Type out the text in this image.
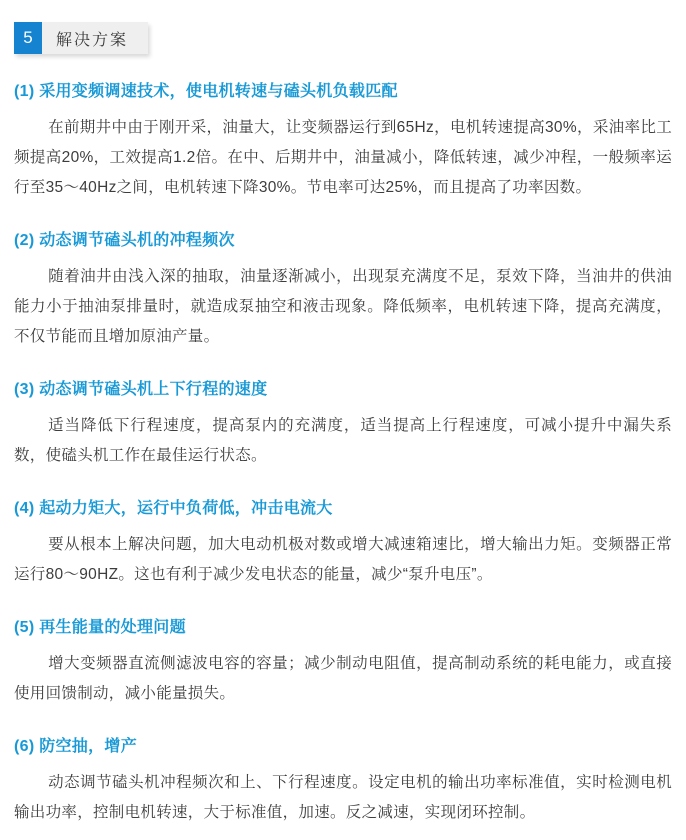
5	解决方案
(1) 采用变频调速技术，使电机转速与磕头机负载匹配

在前期井中由于刚开采，油量大，让变频器运行到65Hz，电机转速提高30%，采油率比工频提高20%，工效提高1.2倍。在中、后期井中，油量减小，降低转速，减少冲程，一般频率运行至35～40Hz之间，电机转速下降30%。节电率可达25%，而且提高了功率因数。

(2) 动态调节磕头机的冲程频次

随着油井由浅入深的抽取，油量逐渐减小，出现泵充满度不足，泵效下降，当油井的供油能力小于抽油泵排量时，就造成泵抽空和液击现象。降低频率，电机转速下降，提高充满度，不仅节能而且增加原油产量。

(3) 动态调节磕头机上下行程的速度

适当降低下行程速度，提高泵内的充满度，适当提高上行程速度，可减小提升中漏失系数，使磕头机工作在最佳运行状态。

(4) 起动力矩大，运行中负荷低，冲击电流大

要从根本上解决问题，加大电动机极对数或增大减速箱速比，增大输出力矩。变频器正常运行80～90HZ。这也有利于减少发电状态的能量，减少“泵升电压”。

(5) 再生能量的处理问题

增大变频器直流侧滤波电容的容量；减少制动电阻值，提高制动系统的耗电能力，或直接使用回馈制动，减小能量损失。

(6) 防空抽，增产

动态调节磕头机冲程频次和上、下行程速度。设定电机的输出功率标准值，实时检测电机输出功率，控制电机转速，大于标准值，加速。反之减速，实现闭环控制。
